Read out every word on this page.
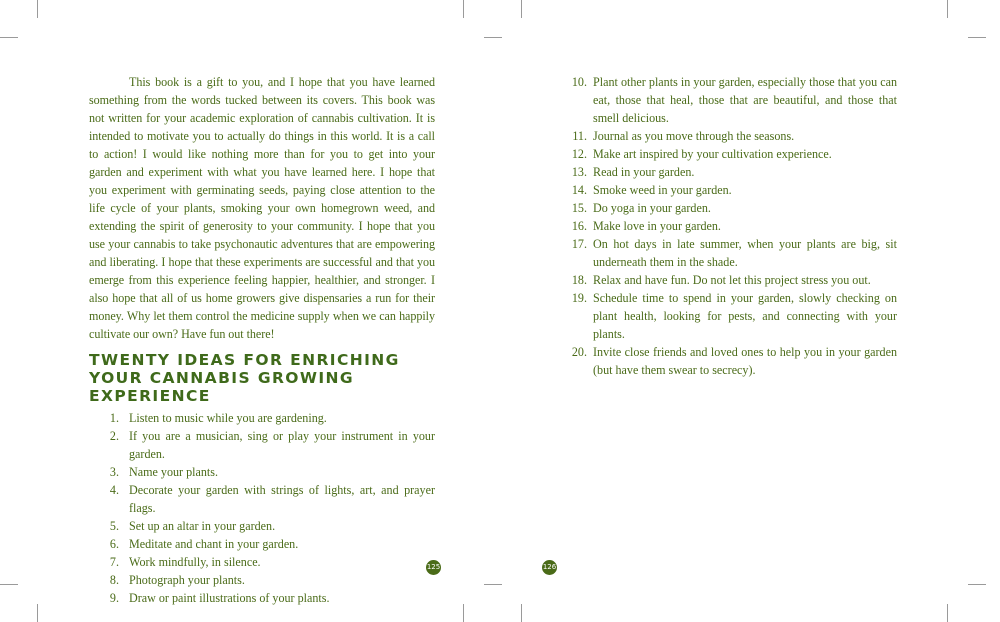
This book is a gift to you, and I hope that you have learned something from the words tucked between its covers. This book was not written for your academic exploration of cannabis cultivation. It is intended to motivate you to actually do things in this world. It is a call to action! I would like nothing more than for you to get into your garden and experiment with what you have learned here. I hope that you experiment with germinating seeds, paying close attention to the life cycle of your plants, smoking your own homegrown weed, and extending the spirit of generosity to your community. I hope that you use your cannabis to take psychonautic adventures that are empowering and liberating. I hope that these experiments are successful and that you emerge from this experience feeling happier, healthier, and stronger. I also hope that all of us home growers give dispensaries a run for their money. Why let them control the medicine supply when we can happily cultivate our own? Have fun out there!

TWENTY IDEAS FOR ENRICHING YOUR CANNABIS GROWING EXPERIENCE
1. Listen to music while you are gardening.
2. If you are a musician, sing or play your instrument in your garden.
3. Name your plants.
4. Decorate your garden with strings of lights, art, and prayer flags.
5. Set up an altar in your garden.
6. Meditate and chant in your garden.
7. Work mindfully, in silence.
8. Photograph your plants.
9. Draw or paint illustrations of your plants.
10. Plant other plants in your garden, especially those that you can eat, those that heal, those that are beautiful, and those that smell delicious.
11. Journal as you move through the seasons.
12. Make art inspired by your cultivation experience.
13. Read in your garden.
14. Smoke weed in your garden.
15. Do yoga in your garden.
16. Make love in your garden.
17. On hot days in late summer, when your plants are big, sit underneath them in the shade.
18. Relax and have fun. Do not let this project stress you out.
19. Schedule time to spend in your garden, slowly checking on plant health, looking for pests, and connecting with your plants.
20. Invite close friends and loved ones to help you in your garden (but have them swear to secrecy).
125	126
